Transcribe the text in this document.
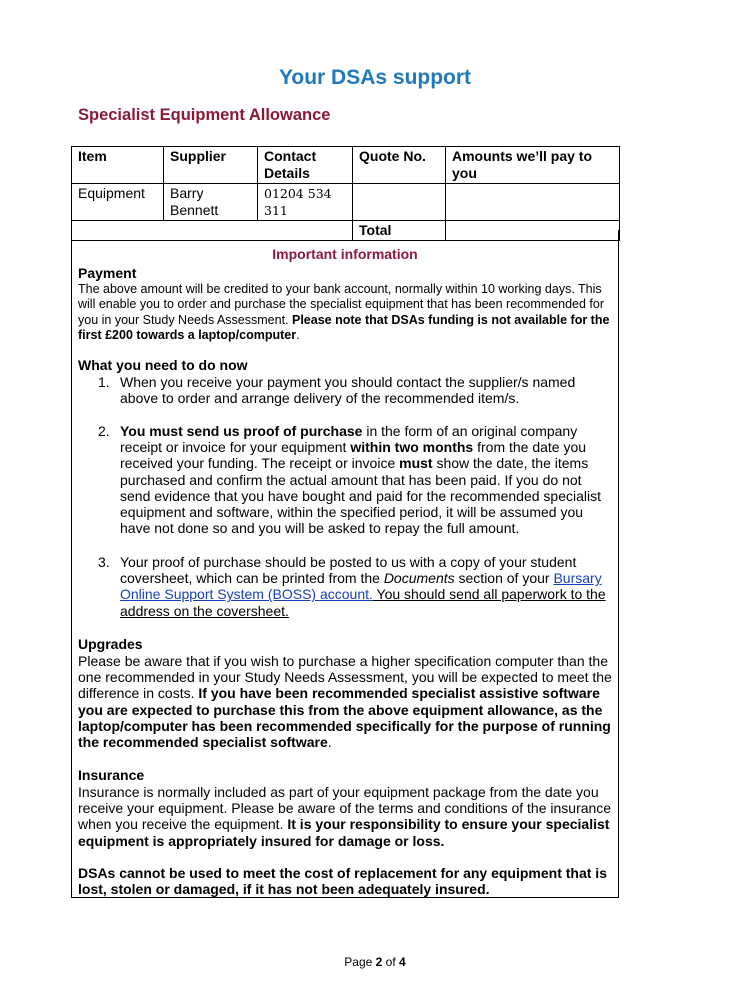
Your DSAs support
Specialist Equipment Allowance
Item	Supplier	Contact Details	Quote No.	Amounts we’ll pay to you
Equipment	Barry Bennett	01204 534 311		
			Total	
Important information
Payment
The above amount will be credited to your bank account, normally within 10 working days. This will enable you to order and purchase the specialist equipment that has been recommended for you in your Study Needs Assessment. Please note that DSAs funding is not available for the first £200 towards a laptop/computer.
What you need to do now
1. When you receive your payment you should contact the supplier/s named above to order and arrange delivery of the recommended item/s.
2. You must send us proof of purchase in the form of an original company receipt or invoice for your equipment within two months from the date you received your funding. The receipt or invoice must show the date, the items purchased and confirm the actual amount that has been paid. If you do not send evidence that you have bought and paid for the recommended specialist equipment and software, within the specified period, it will be assumed you have not done so and you will be asked to repay the full amount.
3. Your proof of purchase should be posted to us with a copy of your student coversheet, which can be printed from the Documents section of your Bursary Online Support System (BOSS) account. You should send all paperwork to the address on the coversheet.
Upgrades
Please be aware that if you wish to purchase a higher specification computer than the one recommended in your Study Needs Assessment, you will be expected to meet the difference in costs. If you have been recommended specialist assistive software you are expected to purchase this from the above equipment allowance, as the laptop/computer has been recommended specifically for the purpose of running the recommended specialist software.
Insurance
Insurance is normally included as part of your equipment package from the date you receive your equipment. Please be aware of the terms and conditions of the insurance when you receive the equipment. It is your responsibility to ensure your specialist equipment is appropriately insured for damage or loss.
DSAs cannot be used to meet the cost of replacement for any equipment that is lost, stolen or damaged, if it has not been adequately insured.
Page 2 of 4
